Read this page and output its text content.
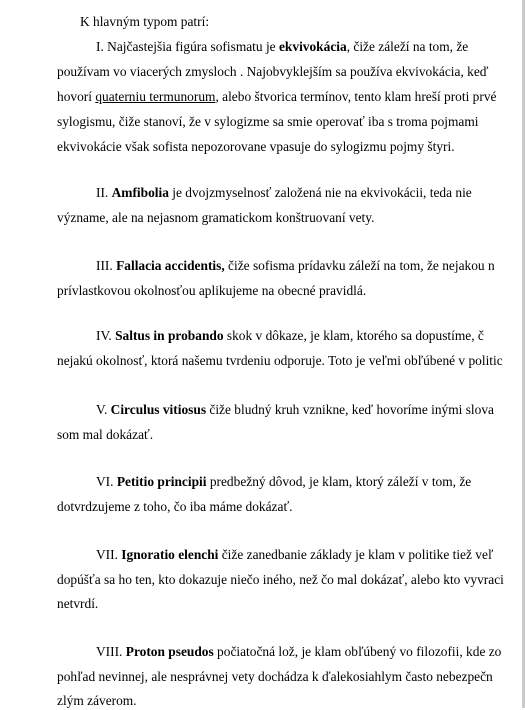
K hlavným typom patrí:
I. Najčastejšia figúra sofismatu je ekvivokácia, čiže záleží na tom, že
používam vo viacerých zmysloch . Najobvyklejším sa používa ekvivokácia, keď
hovorí quaterniu termunorum, alebo štvorica termínov, tento klam hreší proti prvé
sylogismu, čiže stanoví, že v sylogizme sa smie operovať iba s troma pojmami
ekvivokácie však sofista nepozorovane vpasuje do sylogizmu pojmy štyri.
II. Amfibolia je dvojzmyselnosť založená nie na ekvivokácii, teda nie
význame, ale na nejasnom gramatickom konštruovaní vety.
III. Fallacia accidentis, čiže sofisma prídavku záleží na tom, že nejakou n
prívlastkovou okolnosťou aplikujeme na obecné pravidlá.
IV. Saltus in probando skok v dôkaze, je klam, ktorého sa dopustíme, č
nejakú okolnosť, ktorá našemu tvrdeniu odporuje. Toto je veľmi obľúbené v politic
V. Circulus vitiosus čiže bludný kruh vznikne, keď hovoríme inými slova
som mal dokázať.
VI. Petitio principii predbežný dôvod, je klam, ktorý záleží v tom, že
dotvrdzujeme z toho, čo iba máme dokázať.
VII. Ignoratio elenchi čiže zanedbanie základy je klam v politike tiež veľ
dopúšťa sa ho ten, kto dokazuje niečo iného, než čo mal dokázať, alebo kto vyvraci
netvrdí.
VIII. Proton pseudos počiatočná lož, je klam obľúbený vo filozofii, kde zo
pohľad nevinnej, ale nesprávnej vety dochádza k ďalekosiahlym často nebezpečn
zlým záverom.
